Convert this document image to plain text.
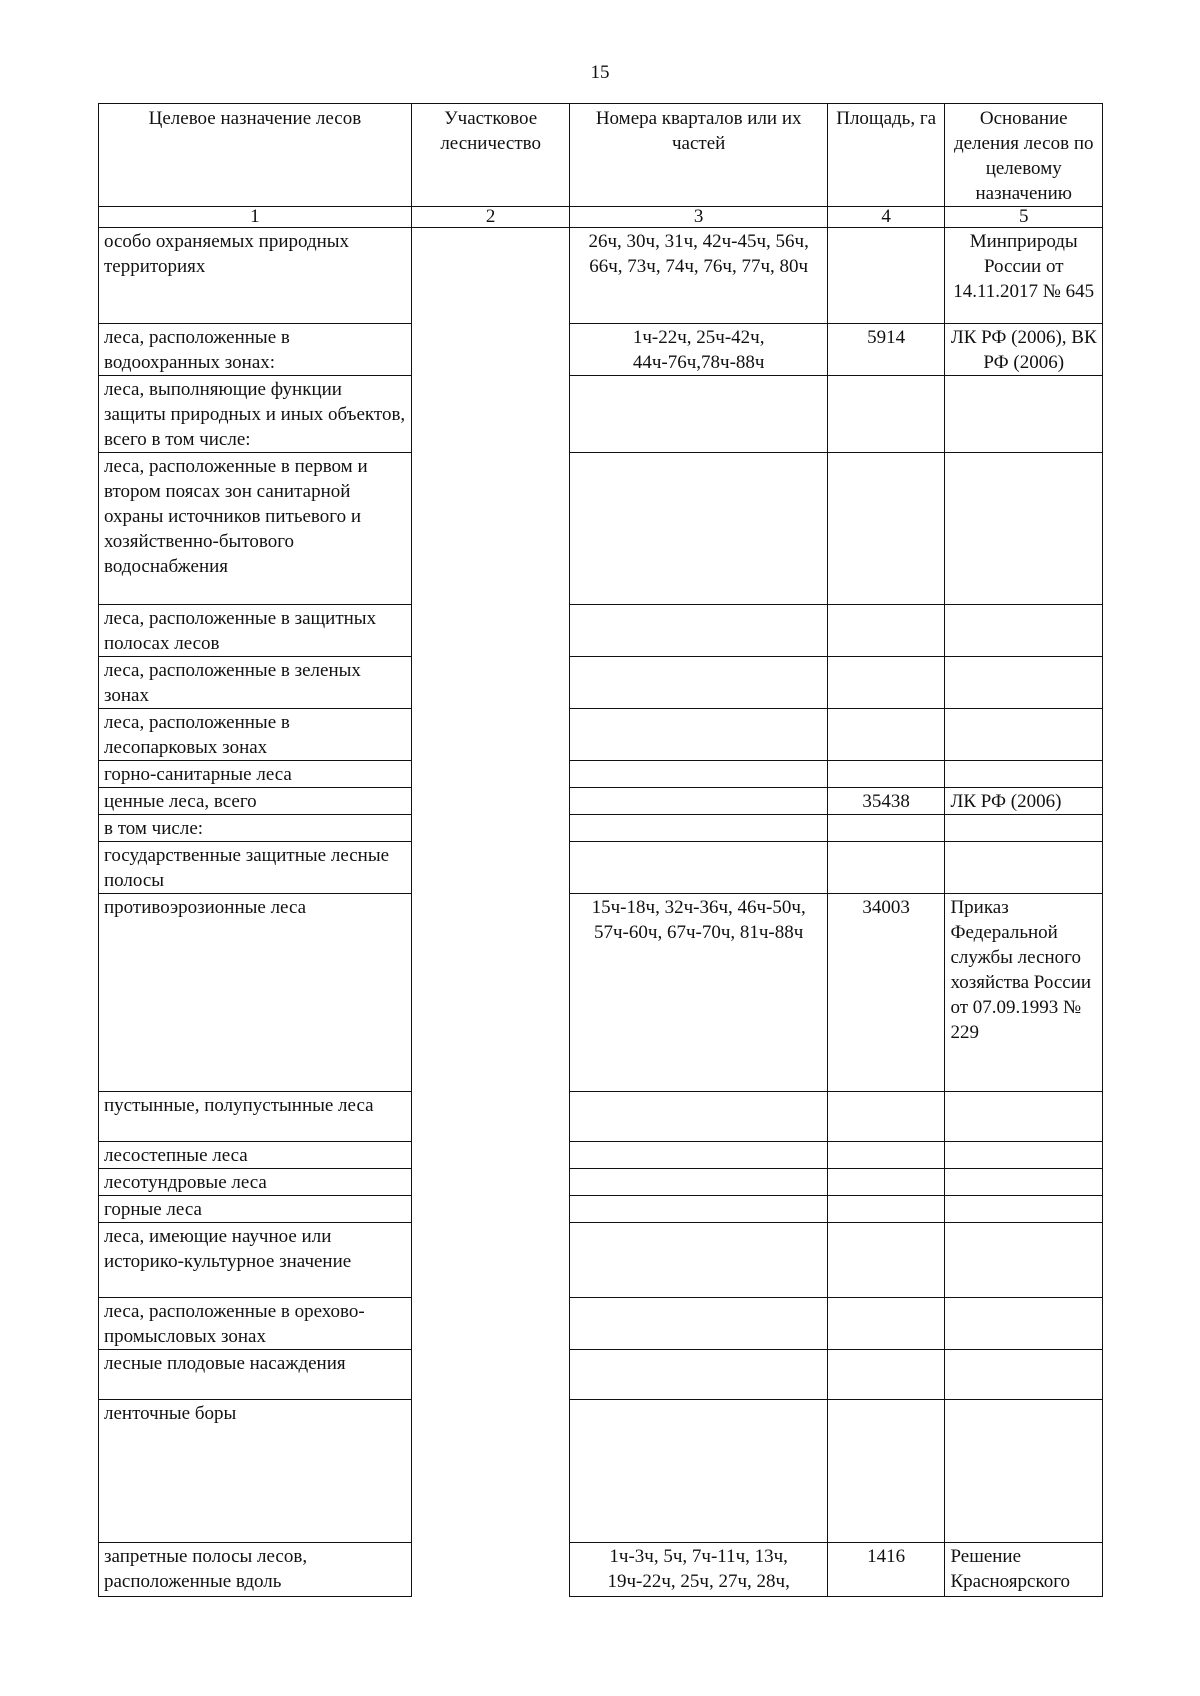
15
Целевое назначение лесов	Участковое лесничество	Номера кварталов или их частей	Площадь, га	Основание деления лесов по целевому назначению
1	2	3	4	5
особо охраняемых природных территориях		26ч, 30ч, 31ч, 42ч-45ч, 56ч, 66ч, 73ч, 74ч, 76ч, 77ч, 80ч		Минприроды России от 14.11.2017 № 645
леса, расположенные в водоохранных зонах:		1ч-22ч, 25ч-42ч, 44ч-76ч,78ч-88ч	5914	ЛК РФ (2006), ВК РФ (2006)
леса, выполняющие функции защиты природных и иных объектов, всего в том числе:				
леса, расположенные в первом и втором поясах зон санитарной охраны источников питьевого и хозяйственно-бытового водоснабжения				
леса, расположенные в защитных полосах лесов				
леса, расположенные в зеленых зонах				
леса, расположенные в лесопарковых зонах				
горно-санитарные леса				
ценные леса, всего			35438	ЛК РФ (2006)
в том числе:				
государственные защитные лесные полосы				
противоэрозионные леса		15ч-18ч, 32ч-36ч, 46ч-50ч, 57ч-60ч, 67ч-70ч, 81ч-88ч	34003	Приказ Федеральной службы лесного хозяйства России от 07.09.1993 № 229
пустынные, полупустынные леса				
лесостепные леса				
лесотундровые леса				
горные леса				
леса, имеющие научное или историко-культурное значение				
леса, расположенные в орехово-промысловых зонах				
лесные плодовые насаждения				
ленточные боры				
запретные полосы лесов, расположенные вдоль		1ч-3ч, 5ч, 7ч-11ч, 13ч, 19ч-22ч, 25ч, 27ч, 28ч,	1416	Решение Красноярского
